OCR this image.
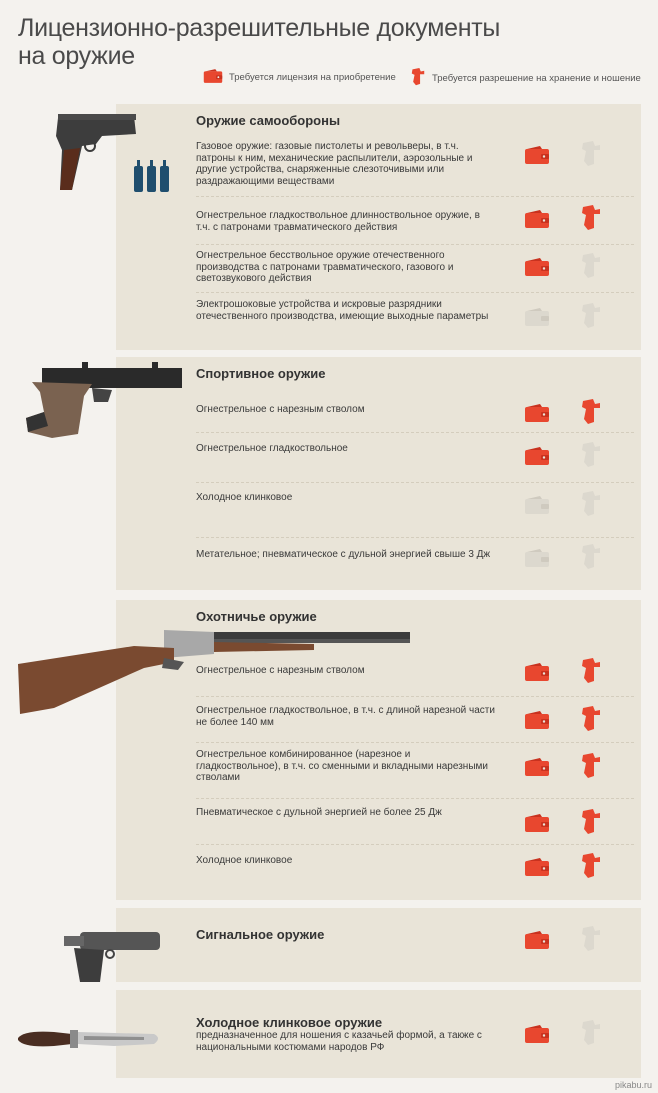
Лицензионно-разрешительные документы
на оружие
Требуется лицензия на приобретение	Требуется разрешение на хранение и ношение
Оружие самообороны
Газовое оружие: газовые пистолеты и револьверы, в т.ч. патроны к ним, механические распылители, аэрозольные и другие устройства, снаряженные слезоточивыми или раздражающими веществами
Огнестрельное гладкоствольное длинноствольное оружие, в т.ч. с патронами травматического действия
Огнестрельное бесствольное оружие отечественного производства с патронами травматического, газового и светозвукового действия
Электрошоковые устройства и искровые разрядники отечественного производства, имеющие выходные параметры
Спортивное оружие
Огнестрельное с нарезным стволом
Огнестрельное гладкоствольное
Холодное клинковое
Метательное; пневматическое с дульной энергией свыше 3 Дж
Охотничье оружие
Огнестрельное с нарезным стволом
Огнестрельное гладкоствольное, в т.ч. с длиной нарезной части не более 140 мм
Огнестрельное комбинированное (нарезное и гладкоствольное), в т.ч. со сменными и вкладными нарезными стволами
Пневматическое с дульной энергией не более 25 Дж
Холодное клинковое
Сигнальное оружие
Холодное клинковое оружие
предназначенное для ношения с казачьей формой, а также с национальными костюмами народов РФ
pikabu.ru
